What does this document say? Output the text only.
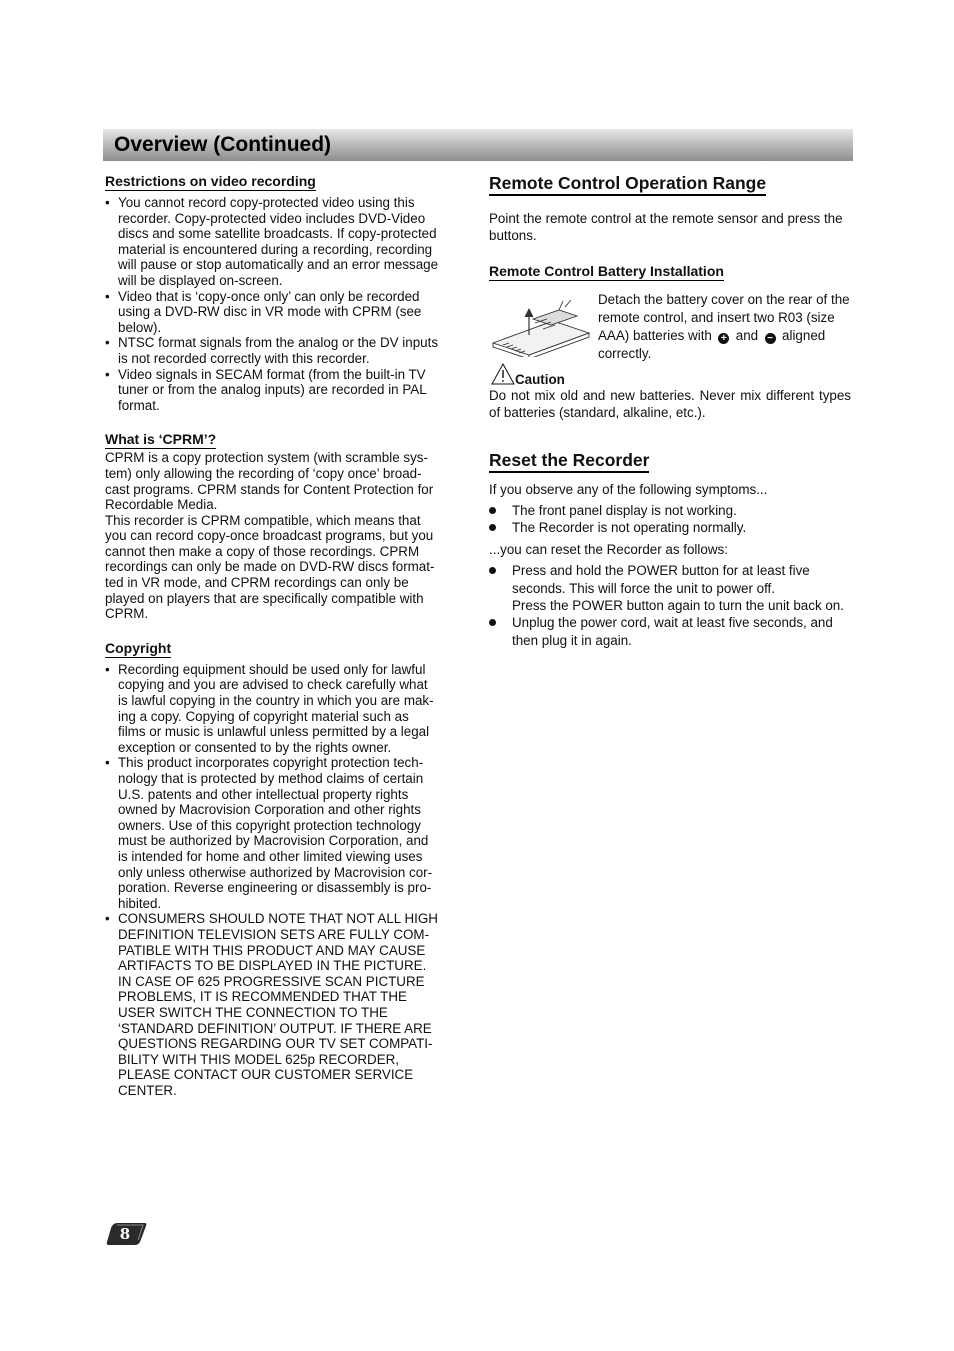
Overview (Continued)
Restrictions on video recording
• You cannot record copy-protected video using this
recorder. Copy-protected video includes DVD-Video
discs and some satellite broadcasts. If copy-protected
material is encountered during a recording, recording
will pause or stop automatically and an error message
will be displayed on-screen.
• Video that is ‘copy-once only’ can only be recorded
using a DVD-RW disc in VR mode with CPRM (see
below).
• NTSC format signals from the analog or the DV inputs
is not recorded correctly with this recorder.
• Video signals in SECAM format (from the built-in TV
tuner or from the analog inputs) are recorded in PAL
format.
What is ‘CPRM’?
CPRM is a copy protection system (with scramble sys-
tem) only allowing the recording of ‘copy once’ broad-
cast programs. CPRM stands for Content Protection for
Recordable Media.
This recorder is CPRM compatible, which means that
you can record copy-once broadcast programs, but you
cannot then make a copy of those recordings. CPRM
recordings can only be made on DVD-RW discs format-
ted in VR mode, and CPRM recordings can only be
played on players that are specifically compatible with
CPRM.
Copyright
• Recording equipment should be used only for lawful
copying and you are advised to check carefully what
is lawful copying in the country in which you are mak-
ing a copy. Copying of copyright material such as
films or music is unlawful unless permitted by a legal
exception or consented to by the rights owner.
• This product incorporates copyright protection tech-
nology that is protected by method claims of certain
U.S. patents and other intellectual property rights
owned by Macrovision Corporation and other rights
owners. Use of this copyright protection technology
must be authorized by Macrovision Corporation, and
is intended for home and other limited viewing uses
only unless otherwise authorized by Macrovision cor-
poration. Reverse engineering or disassembly is pro-
hibited.
• CONSUMERS SHOULD NOTE THAT NOT ALL HIGH
DEFINITION TELEVISION SETS ARE FULLY COM-
PATIBLE WITH THIS PRODUCT AND MAY CAUSE
ARTIFACTS TO BE DISPLAYED IN THE PICTURE.
IN CASE OF 625 PROGRESSIVE SCAN PICTURE
PROBLEMS, IT IS RECOMMENDED THAT THE
USER SWITCH THE CONNECTION TO THE
‘STANDARD DEFINITION’ OUTPUT. IF THERE ARE
QUESTIONS REGARDING OUR TV SET COMPATI-
BILITY WITH THIS MODEL 625p RECORDER,
PLEASE CONTACT OUR CUSTOMER SERVICE
CENTER.
Remote Control Operation Range

Point the remote control at the remote sensor and press the buttons.

Remote Control Battery Installation
Detach the battery cover on the rear of the remote control, and insert two R03 (size AAA) batteries with + and − aligned correctly.
Caution

Do not mix old and new batteries. Never mix different types of batteries (standard, alkaline, etc.).

Reset the Recorder

If you observe any of the following symptoms...

The front panel display is not working.
The Recorder is not operating normally.

...you can reset the Recorder as follows:

Press and hold the POWER button for at least five seconds. This will force the unit to power off.
Press the POWER button again to turn the unit back on.
Unplug the power cord, wait at least five seconds, and then plug it in again.
8
